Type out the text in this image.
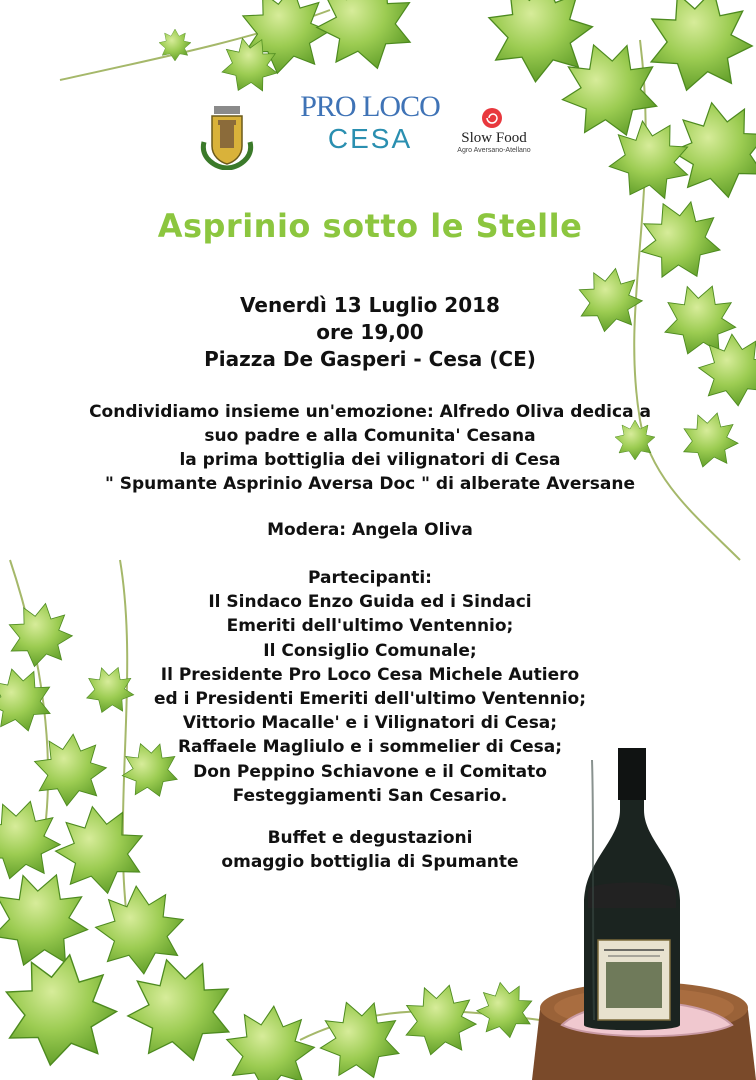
PRO LOCO
CESA	Slow Food
Agro Aversano-Atellano
Asprinio sotto le Stelle
Venerdì 13 Luglio 2018
ore 19,00
Piazza De Gasperi - Cesa (CE)
Condividiamo insieme un'emozione: Alfredo Oliva dedica a
suo padre e alla Comunita' Cesana
la prima bottiglia dei vilignatori di Cesa
" Spumante Asprinio Aversa Doc " di alberate Aversane
Modera: Angela Oliva
Partecipanti:
Il Sindaco Enzo Guida ed i Sindaci
Emeriti dell'ultimo Ventennio;
Il Consiglio Comunale;
Il Presidente Pro Loco Cesa Michele Autiero
ed i Presidenti Emeriti dell'ultimo Ventennio;
Vittorio Macalle' e i Vilignatori di Cesa;
Raffaele Magliulo e i sommelier di Cesa;
Don Peppino Schiavone e il Comitato
Festeggiamenti San Cesario.
Buffet e degustazioni
omaggio bottiglia di Spumante
